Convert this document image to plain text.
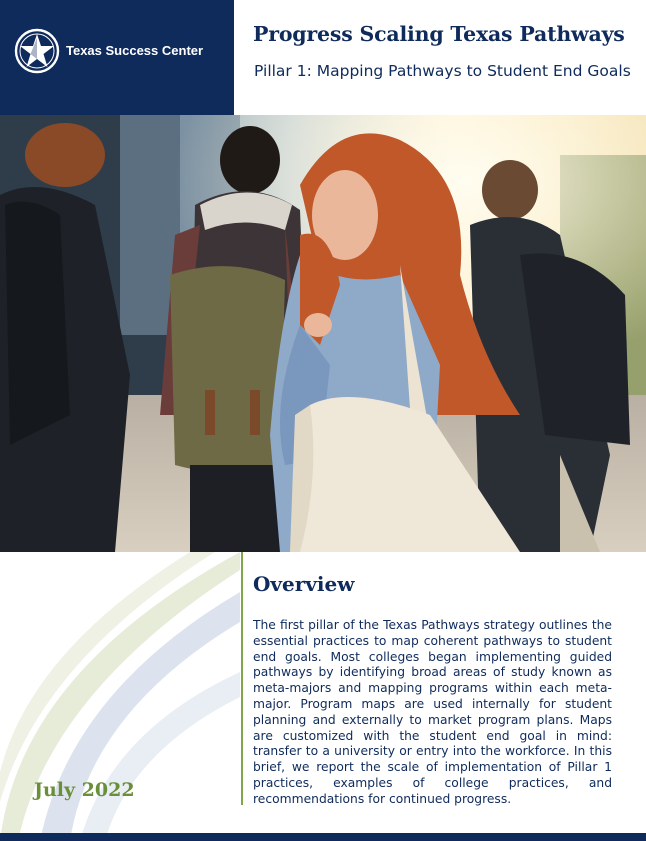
Texas Success Center
Progress Scaling Texas Pathways
Pillar 1: Mapping Pathways to Student End Goals
Overview

The first pillar of the Texas Pathways strategy outlines the essential practices to map coherent pathways to student end goals. Most colleges began implementing guided pathways by identifying broad areas of study known as meta-majors and mapping programs within each meta-major. Program maps are used internally for student planning and externally to market program plans. Maps are customized with the student end goal in mind: transfer to a university or entry into the workforce. In this brief, we report the scale of implementation of Pillar 1 practices, examples of college practices, and recommendations for continued progress.

July 2022
